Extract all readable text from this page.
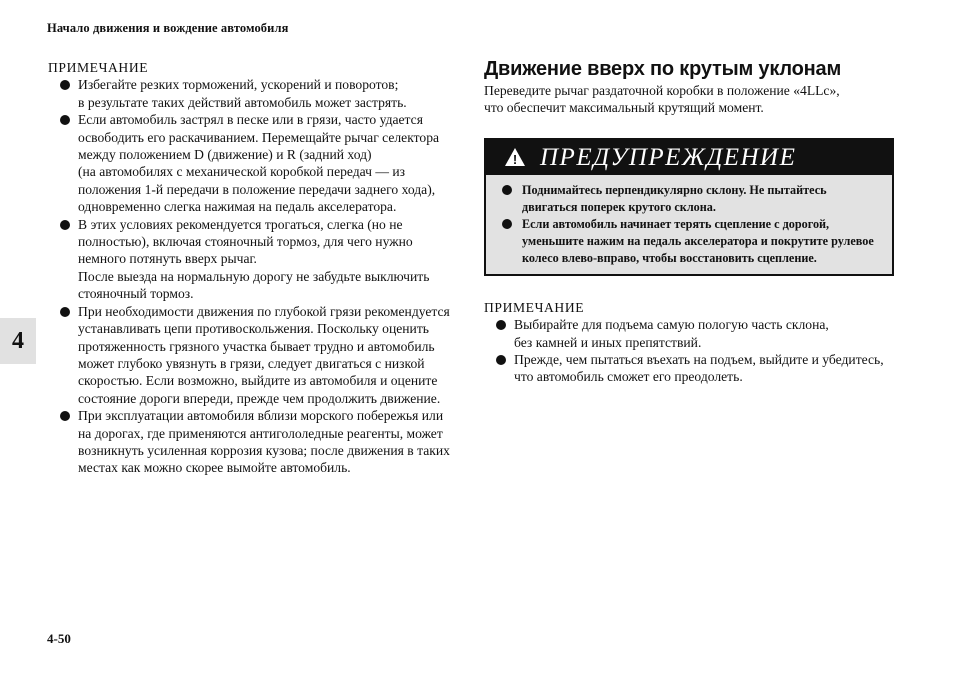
Начало движения и вождение автомобиля
4
ПРИМЕЧАНИЕ
Избегайте резких торможений, ускорений и поворотов;
в результате таких действий автомобиль может застрять.
Если автомобиль застрял в песке или в грязи, часто удается
освободить его раскачиванием. Перемещайте рычаг селектора
между положением D (движение) и R (задний ход)
(на автомобилях с механической коробкой передач — из
положения 1-й передачи в положение передачи заднего хода),
одновременно слегка нажимая на педаль акселератора.
В этих условиях рекомендуется трогаться, слегка (но не
полностью), включая стояночный тормоз, для чего нужно
немного потянуть вверх рычаг.
После выезда на нормальную дорогу не забудьте выключить
стояночный тормоз.
При необходимости движения по глубокой грязи рекомендуется
устанавливать цепи противоскольжения. Поскольку оценить
протяженность грязного участка бывает трудно и автомобиль
может глубоко увязнуть в грязи, следует двигаться с низкой
скоростью. Если возможно, выйдите из автомобиля и оцените
состояние дороги впереди, прежде чем продолжить движение.
При эксплуатации автомобиля вблизи морского побережья или
на дорогах, где применяются антигололедные реагенты, может
возникнуть усиленная коррозия кузова; после движения в таких
местах как можно скорее вымойте автомобиль.
Движение вверх по крутым уклонам
Переведите рычаг раздаточной коробки в положение «4LLc»,
что обеспечит максимальный крутящий момент.
! ПРЕДУПРЕЖДЕНИЕ
Поднимайтесь перпендикулярно склону. Не пытайтесь
двигаться поперек крутого склона.
Если автомобиль начинает терять сцепление с дорогой,
уменьшите нажим на педаль акселератора и покрутите рулевое
колесо влево-вправо, чтобы восстановить сцепление.
ПРИМЕЧАНИЕ
Выбирайте для подъема самую пологую часть склона,
без камней и иных препятствий.
Прежде, чем пытаться въехать на подъем, выйдите и убедитесь,
что автомобиль сможет его преодолеть.
4-50
